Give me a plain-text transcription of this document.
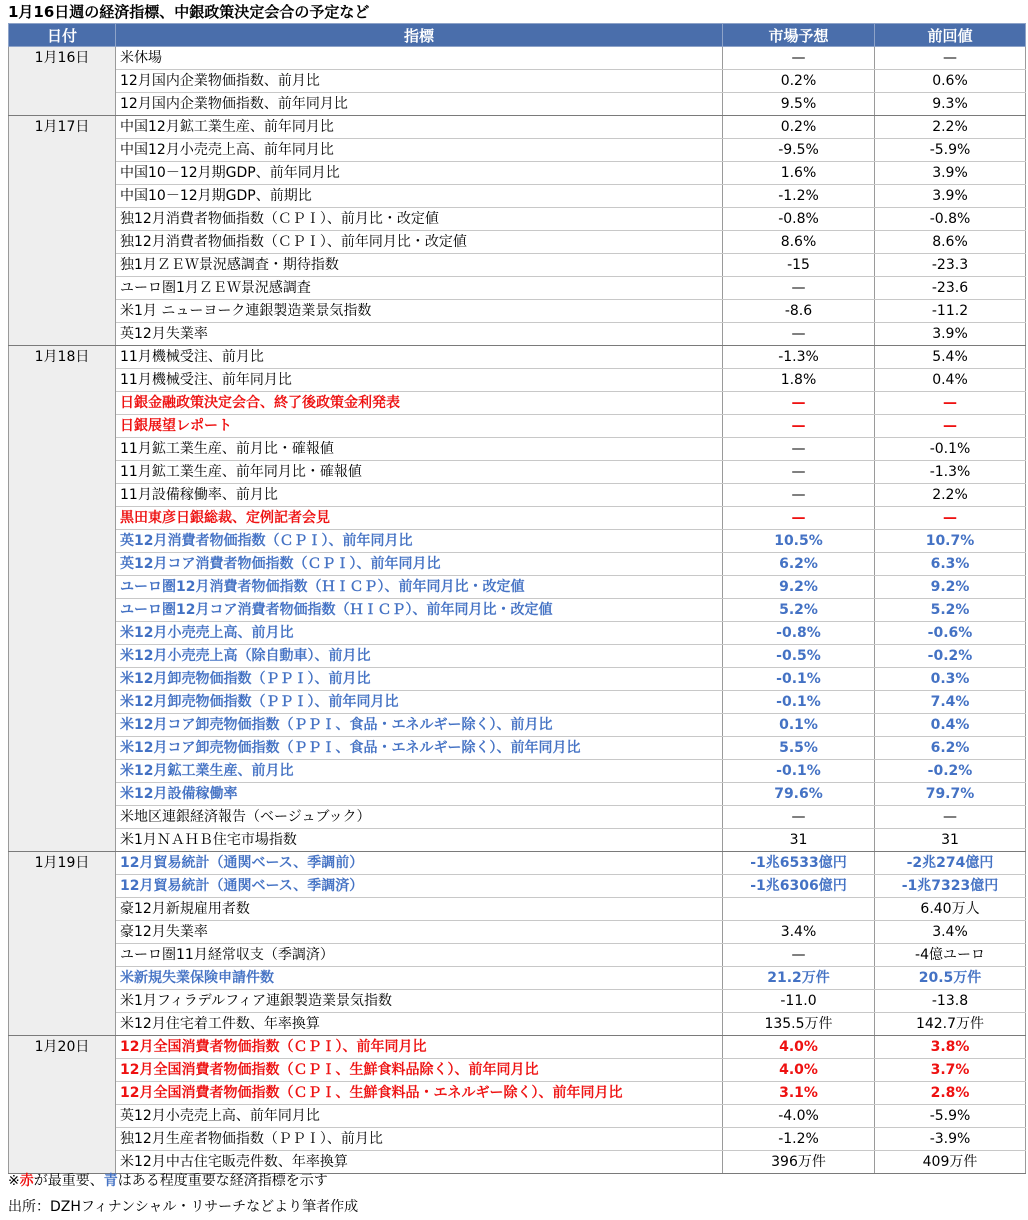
1月16日週の経済指標、中銀政策決定会合の予定など
日付	指標	市場予想	前回値
1月16日	米休場	—	—
	12月国内企業物価指数、前月比	0.2%	0.6%
	12月国内企業物価指数、前年同月比	9.5%	9.3%
1月17日	中国12月鉱工業生産、前年同月比	0.2%	2.2%
	中国12月小売売上高、前年同月比	-9.5%	-5.9%
	中国10－12月期GDP、前年同月比	1.6%	3.9%
	中国10－12月期GDP、前期比	-1.2%	3.9%
	独12月消費者物価指数（ＣＰＩ）、前月比・改定値	-0.8%	-0.8%
	独12月消費者物価指数（ＣＰＩ）、前年同月比・改定値	8.6%	8.6%
	独1月ＺＥＷ景況感調査・期待指数	-15	-23.3
	ユーロ圏1月ＺＥＷ景況感調査	—	-23.6
	米1月 ニューヨーク連銀製造業景気指数	-8.6	-11.2
	英12月失業率	—	3.9%
1月18日	11月機械受注、前月比	-1.3%	5.4%
	11月機械受注、前年同月比	1.8%	0.4%
	日銀金融政策決定会合、終了後政策金利発表	—	—
	日銀展望レポート	—	—
	11月鉱工業生産、前月比・確報値	—	-0.1%
	11月鉱工業生産、前年同月比・確報値	—	-1.3%
	11月設備稼働率、前月比	—	2.2%
	黒田東彦日銀総裁、定例記者会見	—	—
	英12月消費者物価指数（ＣＰＩ）、前年同月比	10.5%	10.7%
	英12月コア消費者物価指数（ＣＰＩ）、前年同月比	6.2%	6.3%
	ユーロ圏12月消費者物価指数（ＨＩＣＰ）、前年同月比・改定値	9.2%	9.2%
	ユーロ圏12月コア消費者物価指数（ＨＩＣＰ）、前年同月比・改定値	5.2%	5.2%
	米12月小売売上高、前月比	-0.8%	-0.6%
	米12月小売売上高（除自動車）、前月比	-0.5%	-0.2%
	米12月卸売物価指数（ＰＰＩ）、前月比	-0.1%	0.3%
	米12月卸売物価指数（ＰＰＩ）、前年同月比	-0.1%	7.4%
	米12月コア卸売物価指数（ＰＰＩ、食品・エネルギー除く）、前月比	0.1%	0.4%
	米12月コア卸売物価指数（ＰＰＩ、食品・エネルギー除く）、前年同月比	5.5%	6.2%
	米12月鉱工業生産、前月比	-0.1%	-0.2%
	米12月設備稼働率	79.6%	79.7%
	米地区連銀経済報告（ベージュブック）	—	—
	米1月ＮＡＨＢ住宅市場指数	31	31
1月19日	12月貿易統計（通関ベース、季調前）	-1兆6533億円	-2兆274億円
	12月貿易統計（通関ベース、季調済）	-1兆6306億円	-1兆7323億円
	豪12月新規雇用者数		6.40万人
	豪12月失業率	3.4%	3.4%
	ユーロ圏11月経常収支（季調済）	—	-4億ユーロ
	米新規失業保険申請件数	21.2万件	20.5万件
	米1月フィラデルフィア連銀製造業景気指数	-11.0	-13.8
	米12月住宅着工件数、年率換算	135.5万件	142.7万件
1月20日	12月全国消費者物価指数（ＣＰＩ）、前年同月比	4.0%	3.8%
	12月全国消費者物価指数（ＣＰＩ、生鮮食料品除く）、前年同月比	4.0%	3.7%
	12月全国消費者物価指数（ＣＰＩ、生鮮食料品・エネルギー除く）、前年同月比	3.1%	2.8%
	英12月小売売上高、前年同月比	-4.0%	-5.9%
	独12月生産者物価指数（ＰＰＩ）、前月比	-1.2%	-3.9%
	米12月中古住宅販売件数、年率換算	396万件	409万件
※赤が最重要、青はある程度重要な経済指標を示す
出所：DZHフィナンシャル・リサーチなどより筆者作成
